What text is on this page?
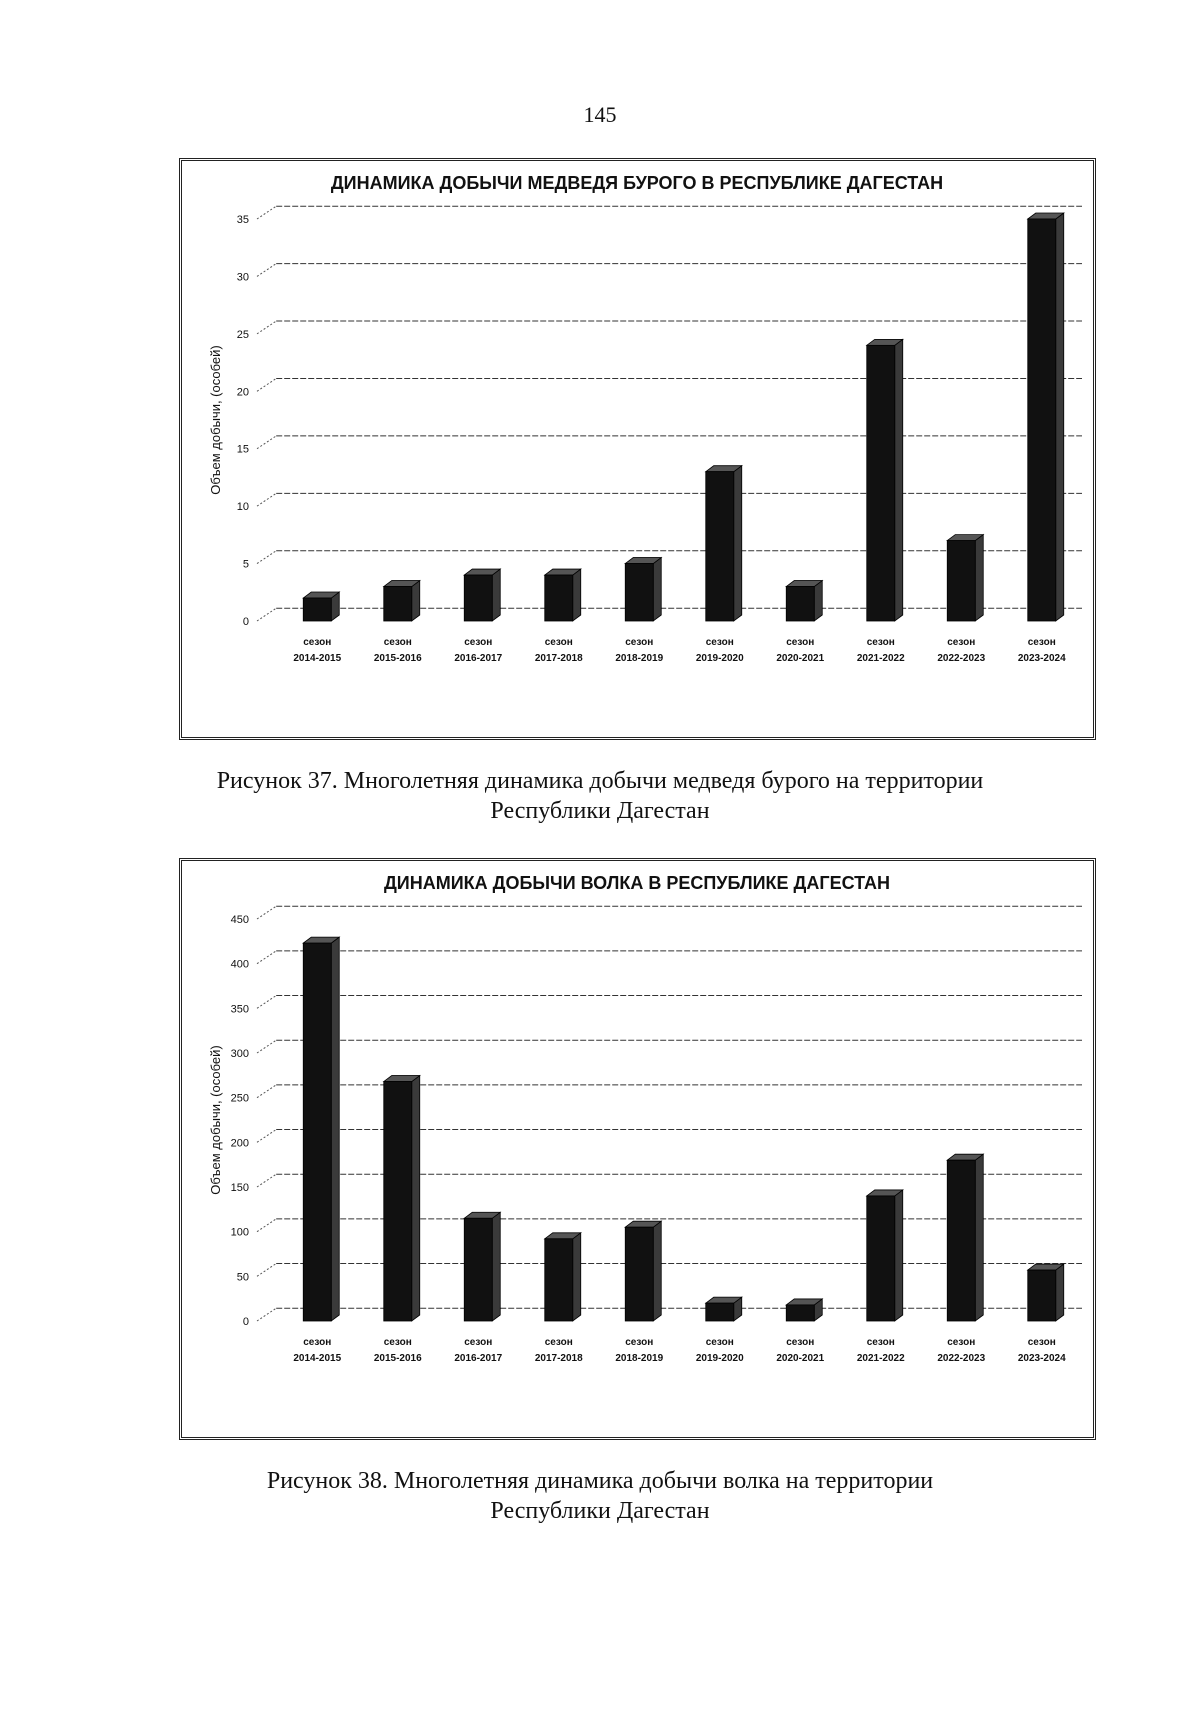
145
ДИНАМИКА ДОБЫЧИ МЕДВЕДЯ БУРОГО В РЕСПУБЛИКЕ ДАГЕСТАН
Объем добычи, (особей)
0
5
10
15
20
25
30
35
сезон
2014-2015
сезон
2015-2016
сезон
2016-2017
сезон
2017-2018
сезон
2018-2019
сезон
2019-2020
сезон
2020-2021
сезон
2021-2022
сезон
2022-2023
сезон
2023-2024
Рисунок 37. Многолетняя динамика добычи медведя бурого на территории
Республики Дагестан
ДИНАМИКА ДОБЫЧИ ВОЛКА В РЕСПУБЛИКЕ ДАГЕСТАН
Объем добычи, (особей)
0
50
100
150
200
250
300
350
400
450
сезон
2014-2015
сезон
2015-2016
сезон
2016-2017
сезон
2017-2018
сезон
2018-2019
сезон
2019-2020
сезон
2020-2021
сезон
2021-2022
сезон
2022-2023
сезон
2023-2024
Рисунок 38. Многолетняя динамика добычи волка на территории
Республики Дагестан
